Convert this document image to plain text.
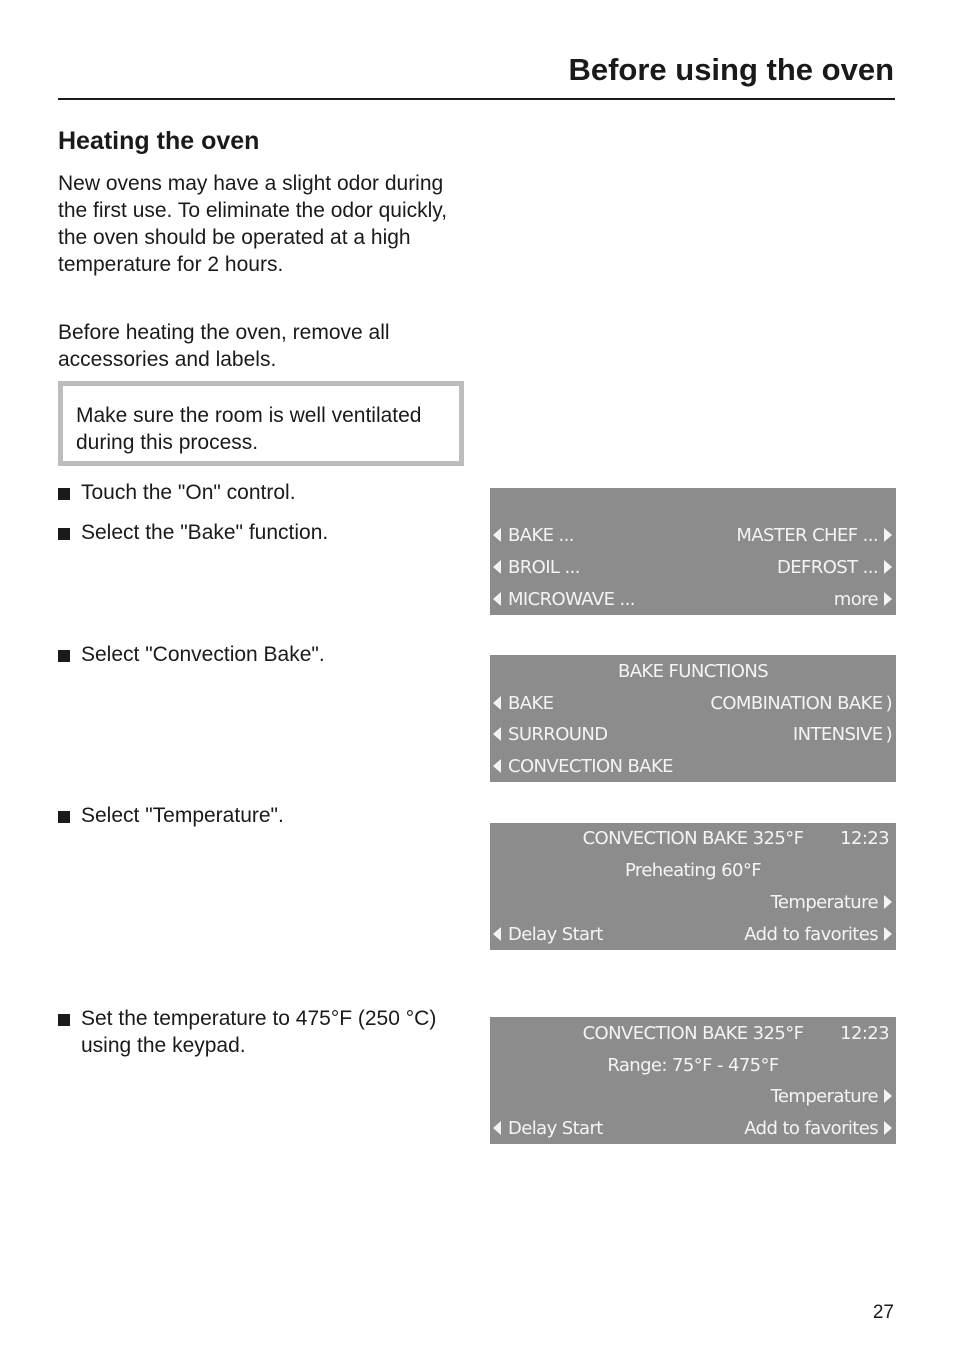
Before using the oven
Heating the oven
New ovens may have a slight odor during the first use. To eliminate the odor quickly, the oven should be operated at a high temperature for 2 hours.
Before heating the oven, remove all accessories and labels.
Make sure the room is well ventilated during this process.
Touch the "On" control.
Select the "Bake" function.
Select "Convection Bake".
Select "Temperature".
Set the temperature to 475°F (250 °C) using the keypad.
BAKE ...	MASTER CHEF ...
BROIL ...	DEFROST ...
MICROWAVE ...	more
BAKE FUNCTIONS
BAKE	COMBINATION BAKE )
SURROUND	INTENSIVE )
CONVECTION BAKE
CONVECTION BAKE 325°F	12:23
Preheating 60°F
Temperature
Delay Start	Add to favorites
CONVECTION BAKE 325°F	12:23
Range: 75°F - 475°F
Temperature
Delay Start	Add to favorites
27
